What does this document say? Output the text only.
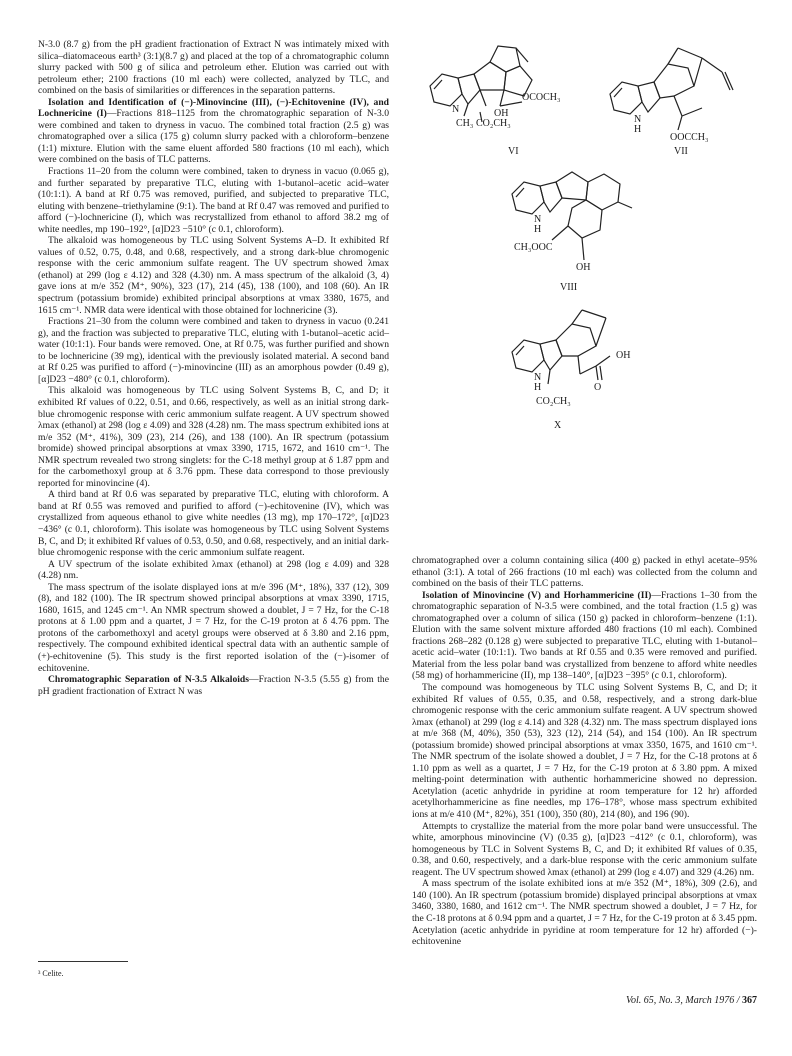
N-3.0 (8.7 g) from the pH gradient fractionation of Extract N was intimately mixed with silica–diatomaceous earth³ (3:1)(8.7 g) and placed at the top of a chromatographic column slurry packed with 500 g of silica and petroleum ether. Elution was carried out with petroleum ether; 2100 fractions (10 ml each) were collected, analyzed by TLC, and combined on the basis of similarities or differences in the separation patterns.

Isolation and Identification of (−)-Minovincine (III), (−)-Echitovenine (IV), and Lochnericine (I)—Fractions 818–1125 from the chromatographic separation of N-3.0 were combined and taken to dryness in vacuo. The combined total fraction (2.5 g) was chromatographed over a silica (175 g) column slurry packed with a chloroform–benzene (1:1) mixture. Elution with the same eluent afforded 580 fractions (10 ml each), which were combined on the basis of TLC patterns.

Fractions 11–20 from the column were combined, taken to dryness in vacuo (0.065 g), and further separated by preparative TLC, eluting with 1-butanol–acetic acid–water (10:1:1). A band at Rf 0.75 was removed, purified, and subjected to preparative TLC, eluting with benzene–triethylamine (9:1). The band at Rf 0.47 was removed and purified to afford (−)-lochnericine (I), which was recrystallized from ethanol to afford 38.2 mg of white needles, mp 190–192°, [α]D23 −510° (c 0.1, chloroform).

The alkaloid was homogeneous by TLC using Solvent Systems A–D. It exhibited Rf values of 0.52, 0.75, 0.48, and 0.68, respectively, and a strong dark-blue chromogenic response with the ceric ammonium sulfate reagent. The UV spectrum showed λmax (ethanol) at 299 (log ε 4.12) and 328 (4.30) nm. A mass spectrum of the alkaloid (3, 4) gave ions at m/e 352 (M⁺, 90%), 323 (17), 214 (45), 138 (100), and 108 (60). An IR spectrum (potassium bromide) exhibited principal absorptions at νmax 3380, 1675, and 1615 cm⁻¹. NMR data were identical with those obtained for lochnericine (3).

Fractions 21–30 from the column were combined and taken to dryness in vacuo (0.241 g), and the fraction was subjected to preparative TLC, eluting with 1-butanol–acetic acid–water (10:1:1). Four bands were removed. One, at Rf 0.75, was further purified and shown to be lochnericine (39 mg), identical with the previously isolated material. A second band at Rf 0.25 was purified to afford (−)-minovincine (III) as an amorphous powder (0.49 g), [α]D23 −480° (c 0.1, chloroform).

This alkaloid was homogeneous by TLC using Solvent Systems B, C, and D; it exhibited Rf values of 0.22, 0.51, and 0.66, respectively, as well as an initial strong dark-blue chromogenic response with ceric ammonium sulfate reagent. A UV spectrum showed λmax (ethanol) at 298 (log ε 4.09) and 328 (4.28) nm. The mass spectrum exhibited ions at m/e 352 (M⁺, 41%), 309 (23), 214 (26), and 138 (100). An IR spectrum (potassium bromide) showed principal absorptions at νmax 3390, 1715, 1672, and 1610 cm⁻¹. The NMR spectrum revealed two strong singlets: for the C-18 methyl group at δ 1.87 ppm and for the carbomethoxyl group at δ 3.76 ppm. These data correspond to those previously reported for minovincine (4).

A third band at Rf 0.6 was separated by preparative TLC, eluting with chloroform. A band at Rf 0.55 was removed and purified to afford (−)-echitovenine (IV), which was crystallized from aqueous ethanol to give white needles (13 mg), mp 170–172°, [α]D23 −436° (c 0.1, chloroform). This isolate was homogeneous by TLC using Solvent Systems B, C, and D; it exhibited Rf values of 0.53, 0.50, and 0.68, respectively, and an initial dark-blue chromogenic response with the ceric ammonium sulfate reagent.

A UV spectrum of the isolate exhibited λmax (ethanol) at 298 (log ε 4.09) and 328 (4.28) nm.

The mass spectrum of the isolate displayed ions at m/e 396 (M⁺, 18%), 337 (12), 309 (8), and 182 (100). The IR spectrum showed principal absorptions at νmax 3390, 1715, 1680, 1615, and 1245 cm⁻¹. An NMR spectrum showed a doublet, J = 7 Hz, for the C-18 protons at δ 1.00 ppm and a quartet, J = 7 Hz, for the C-19 proton at δ 4.76 ppm. The protons of the carbomethoxyl and acetyl groups were observed at δ 3.80 and 2.16 ppm, respectively. The compound exhibited identical spectral data with an authentic sample of (+)-echitovenine (5). This study is the first reported isolation of the (−)-isomer of echitovenine.

Chromatographic Separation of N-3.5 Alkaloids—Fraction N-3.5 (5.55 g) from the pH gradient fractionation of Extract N was

OCOCH₃
OH
N
CH₃ CO₂CH₃
VI
N
H
OOCCH₃
VII
N
H
CH₃OOC
OH
VIII
N
H	O
OH
CO₂CH₃
X

chromatographed over a column containing silica (400 g) packed in ethyl acetate–95% ethanol (3:1). A total of 266 fractions (10 ml each) was collected from the column and combined on the basis of their TLC patterns.

Isolation of Minovincine (V) and Horhammericine (II)—Fractions 1–30 from the chromatographic separation of N-3.5 were combined, and the total fraction (1.5 g) was chromatographed over a column of silica (150 g) packed in chloroform–benzene (1:1). Elution with the same solvent mixture afforded 480 fractions (10 ml each). Combined fractions 268–282 (0.128 g) were subjected to preparative TLC, eluting with 1-butanol–acetic acid–water (10:1:1). Two bands at Rf 0.55 and 0.35 were removed and purified. Material from the less polar band was crystallized from benzene to afford white needles (58 mg) of horhammericine (II), mp 138–140°, [α]D23 −395° (c 0.1, chloroform).

The compound was homogeneous by TLC using Solvent Systems B, C, and D; it exhibited Rf values of 0.55, 0.35, and 0.58, respectively, and a strong dark-blue chromogenic response with the ceric ammonium sulfate reagent. A UV spectrum showed λmax (ethanol) at 299 (log ε 4.14) and 328 (4.32) nm. The mass spectrum displayed ions at m/e 368 (M, 40%), 350 (53), 323 (12), 214 (54), and 154 (100). An IR spectrum (potassium bromide) showed principal absorptions at νmax 3350, 1675, and 1610 cm⁻¹. The NMR spectrum of the isolate showed a doublet, J = 7 Hz, for the C-18 protons at δ 1.10 ppm as well as a quartet, J = 7 Hz, for the C-19 proton at δ 3.80 ppm. A mixed melting-point determination with authentic horhammericine showed no depression. Acetylation (acetic anhydride in pyridine at room temperature for 12 hr) afforded acetylhorhammericine as fine needles, mp 176–178°, whose mass spectrum exhibited ions at m/e 410 (M⁺, 82%), 351 (100), 350 (80), 214 (80), and 196 (90).

Attempts to crystallize the material from the more polar band were unsuccessful. The white, amorphous minovincine (V) (0.35 g), [α]D23 −412° (c 0.1, chloroform), was homogeneous by TLC in Solvent Systems B, C, and D; it exhibited Rf values of 0.35, 0.38, and 0.60, respectively, and a dark-blue response with the ceric ammonium sulfate reagent. The UV spectrum showed λmax (ethanol) at 299 (log ε 4.07) and 329 (4.26) nm.

A mass spectrum of the isolate exhibited ions at m/e 352 (M⁺, 18%), 309 (2.6), and 140 (100). An IR spectrum (potassium bromide) displayed principal absorptions at νmax 3460, 3380, 1680, and 1612 cm⁻¹. The NMR spectrum showed a doublet, J = 7 Hz, for the C-18 protons at δ 0.94 ppm and a quartet, J = 7 Hz, for the C-19 proton at δ 3.45 ppm. Acetylation (acetic anhydride in pyridine at room temperature for 12 hr) afforded (−)-echitovenine

³ Celite.
Vol. 65, No. 3, March 1976 / 367
